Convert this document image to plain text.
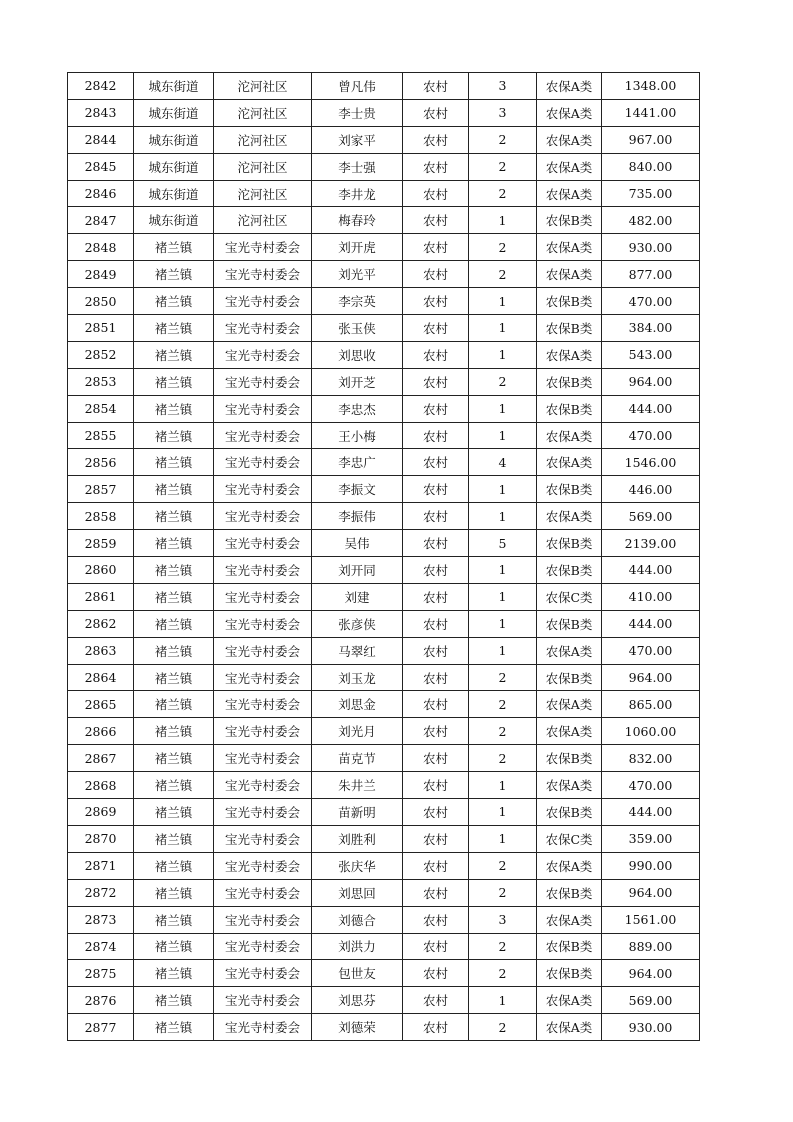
2842	城东街道	沱河社区	曾凡伟	农村	3	农保A类	1348.00
2843	城东街道	沱河社区	李士贵	农村	3	农保A类	1441.00
2844	城东街道	沱河社区	刘家平	农村	2	农保A类	967.00
2845	城东街道	沱河社区	李士强	农村	2	农保A类	840.00
2846	城东街道	沱河社区	李井龙	农村	2	农保A类	735.00
2847	城东街道	沱河社区	梅春玲	农村	1	农保B类	482.00
2848	褚兰镇	宝光寺村委会	刘开虎	农村	2	农保A类	930.00
2849	褚兰镇	宝光寺村委会	刘光平	农村	2	农保A类	877.00
2850	褚兰镇	宝光寺村委会	李宗英	农村	1	农保B类	470.00
2851	褚兰镇	宝光寺村委会	张玉侠	农村	1	农保B类	384.00
2852	褚兰镇	宝光寺村委会	刘思收	农村	1	农保A类	543.00
2853	褚兰镇	宝光寺村委会	刘开芝	农村	2	农保B类	964.00
2854	褚兰镇	宝光寺村委会	李忠杰	农村	1	农保B类	444.00
2855	褚兰镇	宝光寺村委会	王小梅	农村	1	农保A类	470.00
2856	褚兰镇	宝光寺村委会	李忠广	农村	4	农保A类	1546.00
2857	褚兰镇	宝光寺村委会	李振文	农村	1	农保B类	446.00
2858	褚兰镇	宝光寺村委会	李振伟	农村	1	农保A类	569.00
2859	褚兰镇	宝光寺村委会	吴伟	农村	5	农保B类	2139.00
2860	褚兰镇	宝光寺村委会	刘开同	农村	1	农保B类	444.00
2861	褚兰镇	宝光寺村委会	刘建	农村	1	农保C类	410.00
2862	褚兰镇	宝光寺村委会	张彦侠	农村	1	农保B类	444.00
2863	褚兰镇	宝光寺村委会	马翠红	农村	1	农保A类	470.00
2864	褚兰镇	宝光寺村委会	刘玉龙	农村	2	农保B类	964.00
2865	褚兰镇	宝光寺村委会	刘思金	农村	2	农保A类	865.00
2866	褚兰镇	宝光寺村委会	刘光月	农村	2	农保A类	1060.00
2867	褚兰镇	宝光寺村委会	苗克节	农村	2	农保B类	832.00
2868	褚兰镇	宝光寺村委会	朱井兰	农村	1	农保A类	470.00
2869	褚兰镇	宝光寺村委会	苗新明	农村	1	农保B类	444.00
2870	褚兰镇	宝光寺村委会	刘胜利	农村	1	农保C类	359.00
2871	褚兰镇	宝光寺村委会	张庆华	农村	2	农保A类	990.00
2872	褚兰镇	宝光寺村委会	刘思回	农村	2	农保B类	964.00
2873	褚兰镇	宝光寺村委会	刘德合	农村	3	农保A类	1561.00
2874	褚兰镇	宝光寺村委会	刘洪力	农村	2	农保B类	889.00
2875	褚兰镇	宝光寺村委会	包世友	农村	2	农保B类	964.00
2876	褚兰镇	宝光寺村委会	刘思芬	农村	1	农保A类	569.00
2877	褚兰镇	宝光寺村委会	刘德荣	农村	2	农保A类	930.00
